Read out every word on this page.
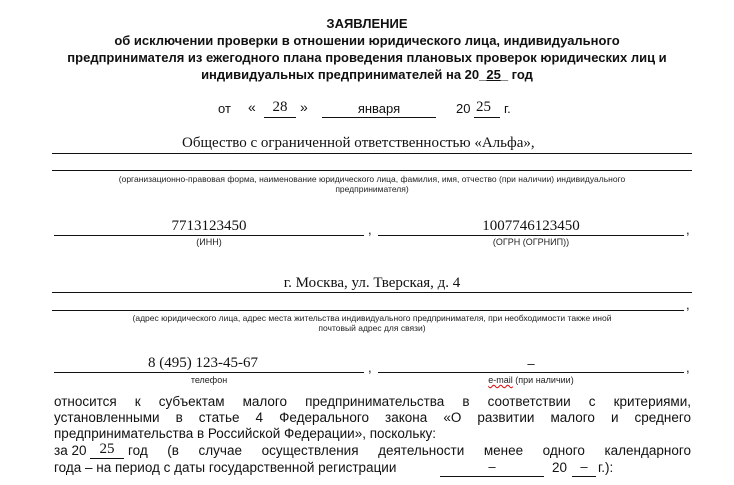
ЗАЯВЛЕНИЕ
об исключении проверки в отношении юридического лица, индивидуального
предпринимателя из ежегодного плана проведения плановых проверок юридических лиц и
индивидуальных предпринимателей на 20_25_ год
от «	28 »	января	20 25 г.
Общество с ограниченной ответственностью «Альфа»,
(организационно-правовая форма, наименование юридического лица, фамилия, имя, отчество (при наличии) индивидуального
предпринимателя)
7713123450
(ИНН)
,	1007746123450
(ОГРН (ОГРНИП))
,
г. Москва, ул. Тверская, д. 4
,
(адрес юридического лица, адрес места жительства индивидуального предпринимателя, при необходимости также иной
почтовый адрес для связи)
8 (495) 123-45-67
телефон
,	–
e-mail (при наличии)
,
относится к субъектам малого предпринимательства в соответствии с критериями,
установленными в статье 4 Федерального закона «О развитии малого и среднего
предпринимательства в Российской Федерации», поскольку:
за 20 25	год (в случае осуществления деятельности менее одного календарного
года – на период с даты государственной регистрации	–	20	– г.):
